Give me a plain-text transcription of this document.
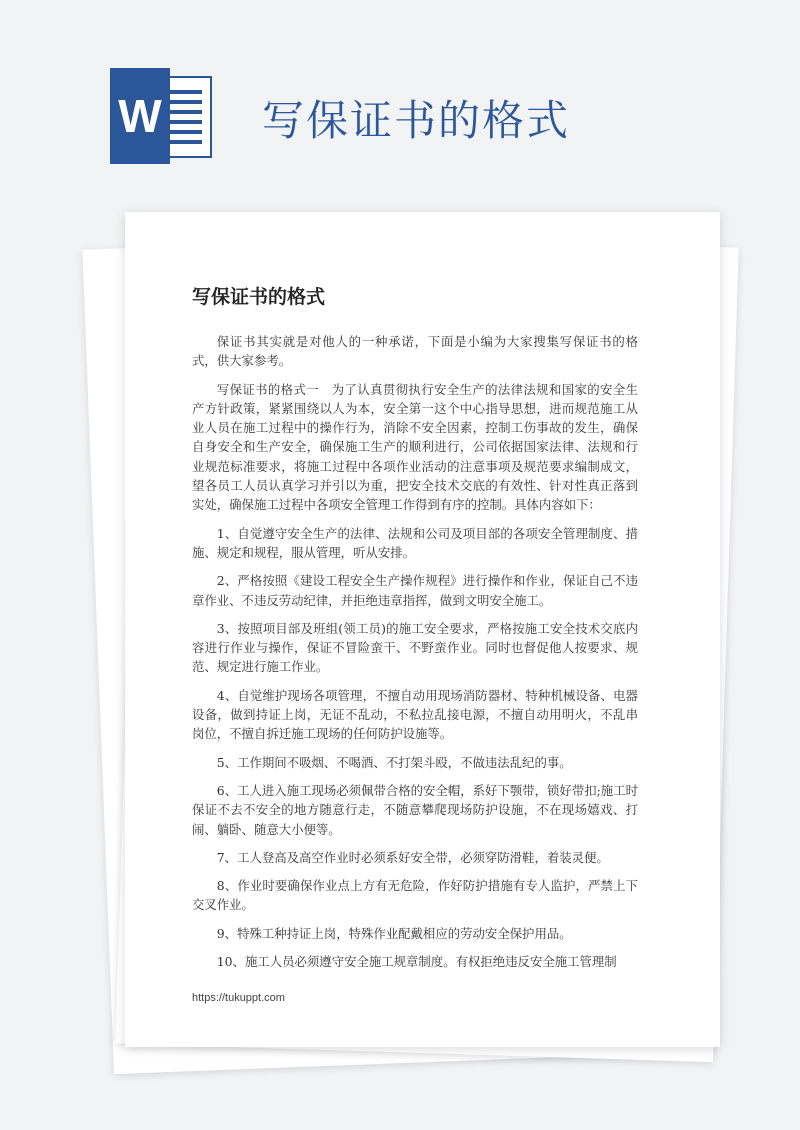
W 写保证书的格式
写保证书的格式

保证书其实就是对他人的一种承诺，下面是小编为大家搜集写保证书的格式，供大家参考。

写保证书的格式一　为了认真贯彻执行安全生产的法律法规和国家的安全生产方针政策，紧紧围绕以人为本，安全第一这个中心指导思想，进而规范施工从业人员在施工过程中的操作行为，消除不安全因素，控制工伤事故的发生，确保自身安全和生产安全，确保施工生产的顺利进行，公司依据国家法律、法规和行业规范标准要求，将施工过程中各项作业活动的注意事项及规范要求编制成文，望各员工人员认真学习并引以为重，把安全技术交底的有效性、针对性真正落到实处，确保施工过程中各项安全管理工作得到有序的控制。具体内容如下：

1、自觉遵守安全生产的法律、法规和公司及项目部的各项安全管理制度、措施、规定和规程，服从管理，听从安排。

2、严格按照《建设工程安全生产操作规程》进行操作和作业，保证自己不违章作业、不违反劳动纪律，并拒绝违章指挥，做到文明安全施工。

3、按照项目部及班组(领工员)的施工安全要求，严格按施工安全技术交底内容进行作业与操作，保证不冒险蛮干、不野蛮作业。同时也督促他人按要求、规范、规定进行施工作业。

4、自觉维护现场各项管理，不擅自动用现场消防器材、特种机械设备、电器设备，做到持证上岗，无证不乱动，不私拉乱接电源，不擅自动用明火，不乱串岗位，不擅自拆迁施工现场的任何防护设施等。

5、工作期间不吸烟、不喝酒、不打架斗殴，不做违法乱纪的事。

6、工人进入施工现场必须佩带合格的安全帽，系好下颚带，锁好带扣;施工时保证不去不安全的地方随意行走，不随意攀爬现场防护设施，不在现场嬉戏、打闹、躺卧、随意大小便等。

7、工人登高及高空作业时必须系好安全带，必须穿防滑鞋，着装灵便。

8、作业时要确保作业点上方有无危险，作好防护措施有专人监护，严禁上下交叉作业。

9、特殊工种持证上岗，特殊作业配戴相应的劳动安全保护用品。

10、施工人员必须遵守安全施工规章制度。有权拒绝违反安全施工管理制

https://tukuppt.com
